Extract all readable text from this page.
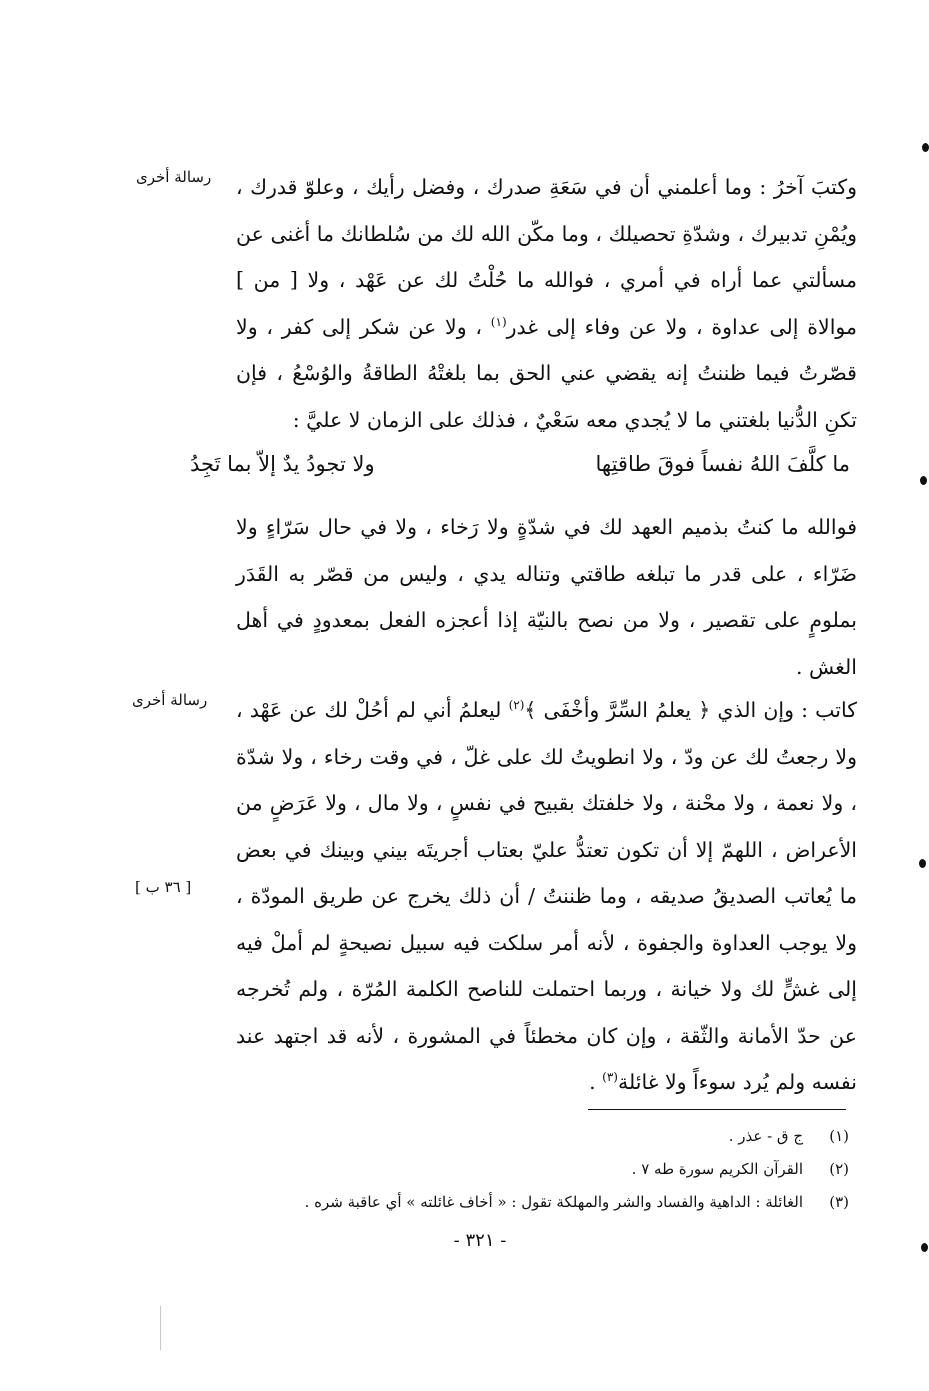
رسالة أخرى
رسالة أخرى
[ ٣٦ ب ]

وكتبَ آخرُ : وما أعلمني أن في سَعَةِ صدرك ، وفضل رأيك ، وعلوّ قدرك ، ويُمْنِ تدبيرك ، وشدّةِ تحصيلك ، وما مكّن الله لك من سُلطانك ما أغنى عن مسألتي عما أراه في أمري ، فوالله ما حُلْتُ لك عن عَهْد ، ولا [ من ] موالاة إلى عداوة ، ولا عن وفاء إلى غدر$^{(١)}$ ، ولا عن شكر إلى كفر ، ولا قصّرتُ فيما ظننتُ إنه يقضي عني الحق بما بلغتْهُ الطاقةُ والوُسْعُ ، فإن تكنِ الدُّنيا بلغتني ما لا يُجدي معه سَعْيٌ ، فذلك على الزمان لا عليَّ :

ما كلَّفَ اللهُ نفساً فوقَ طاقتِها
ولا تجودُ يدٌ إلاّ بما تَجِدُ

فوالله ما كنتُ بذميم العهد لك في شدّةٍ ولا رَخاء ، ولا في حال سَرّاءٍ ولا ضَرّاء ، على قدر ما تبلغه طاقتي وتناله يدي ، وليس من قصّر به القَدَر بملومٍ على تقصير ، ولا من نصح بالنيّة إذا أعجزه الفعل بمعدودٍ في أهل الغش .

كاتب : وإن الذي ﴿ يعلمُ السِّرَّ وأخْفَى ﴾$^{(٢)}$ ليعلمُ أني لم أحُلْ لك عن عَهْد ، ولا رجعتُ لك عن ودّ ، ولا انطويتُ لك على غلّ ، في وقت رخاء ، ولا شدّة ، ولا نعمة ، ولا محْنة ، ولا خلفتك بقبيح في نفسٍ ، ولا مال ، ولا عَرَضٍ من الأعراض ، اللهمّ إلا أن تكون تعتدُّ عليّ بعتاب أجريتَه بيني وبينك في بعض ما يُعاتب الصديقُ صديقه ، وما ظننتُ / أن ذلك يخرج عن طريق المودّة ، ولا يوجب العداوة والجفوة ، لأنه أمر سلكت فيه سبيل نصيحةٍ لم أملْ فيه إلى غشٍّ لك ولا خيانة ، وربما احتملت للناصح الكلمة المُرّة ، ولم تُخرجه عن حدّ الأمانة والثّقة ، وإن كان مخطئاً في المشورة ، لأنه قد اجتهد عند نفسه ولم يُرد سوءاً ولا غائلة$^{(٣)}$ .

(١)ج ق - عذر .
(٢)القرآن الكريم سورة طه ٧ .
(٣)الغائلة : الداهية والفساد والشر والمهلكة تقول : « أخاف غائلته » أي عاقبة شره .
- ٣٢١ -
